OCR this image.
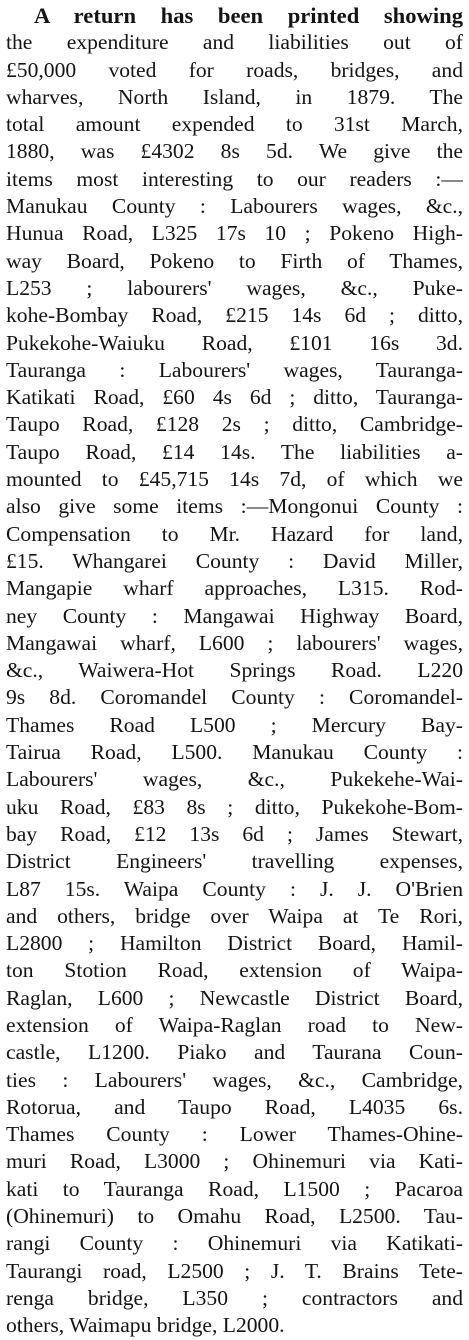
A return has been printed showing
the expenditure and liabilities out of
£50,000 voted for roads, bridges, and
wharves, North Island, in 1879. The
total amount expended to 31st March,
1880, was £4302 8s 5d. We give the
items most interesting to our readers :—
Manukau County : Labourers wages, &c.,
Hunua Road, L325 17s 10 ; Pokeno High-
way Board, Pokeno to Firth of Thames,
L253 ; labourers' wages, &c., Puke-
kohe-Bombay Road, £215 14s 6d ; ditto,
Pukekohe-Waiuku Road, £101 16s 3d.
Tauranga : Labourers' wages, Tauranga-
Katikati Road, £60 4s 6d ; ditto, Tauranga-
Taupo Road, £128 2s ; ditto, Cambridge-
Taupo Road, £14 14s. The liabilities a-
mounted to £45,715 14s 7d, of which we
also give some items :—Mongonui County :
Compensation to Mr. Hazard for land,
£15. Whangarei County : David Miller,
Mangapie wharf approaches, L315. Rod-
ney County : Mangawai Highway Board,
Mangawai wharf, L600 ; labourers' wages,
&c., Waiwera-Hot Springs Road. L220
9s 8d. Coromandel County : Coromandel-
Thames Road L500 ; Mercury Bay-
Tairua Road, L500. Manukau County :
Labourers' wages, &c., Pukekehe-Wai-
uku Road, £83 8s ; ditto, Pukekohe-Bom-
bay Road, £12 13s 6d ; James Stewart,
District Engineers' travelling expenses,
L87 15s. Waipa County : J. J. O'Brien
and others, bridge over Waipa at Te Rori,
L2800 ; Hamilton District Board, Hamil-
ton Stotion Road, extension of Waipa-
Raglan, L600 ; Newcastle District Board,
extension of Waipa-Raglan road to New-
castle, L1200. Piako and Taurana Coun-
ties : Labourers' wages, &c., Cambridge,
Rotorua, and Taupo Road, L4035 6s.
Thames County : Lower Thames-Ohine-
muri Road, L3000 ; Ohinemuri via Kati-
kati to Tauranga Road, L1500 ; Pacaroa
(Ohinemuri) to Omahu Road, L2500. Tau-
rangi County : Ohinemuri via Katikati-
Taurangi road, L2500 ; J. T. Brains Tete-
renga bridge, L350 ; contractors and
others, Waimapu bridge, L2000.
